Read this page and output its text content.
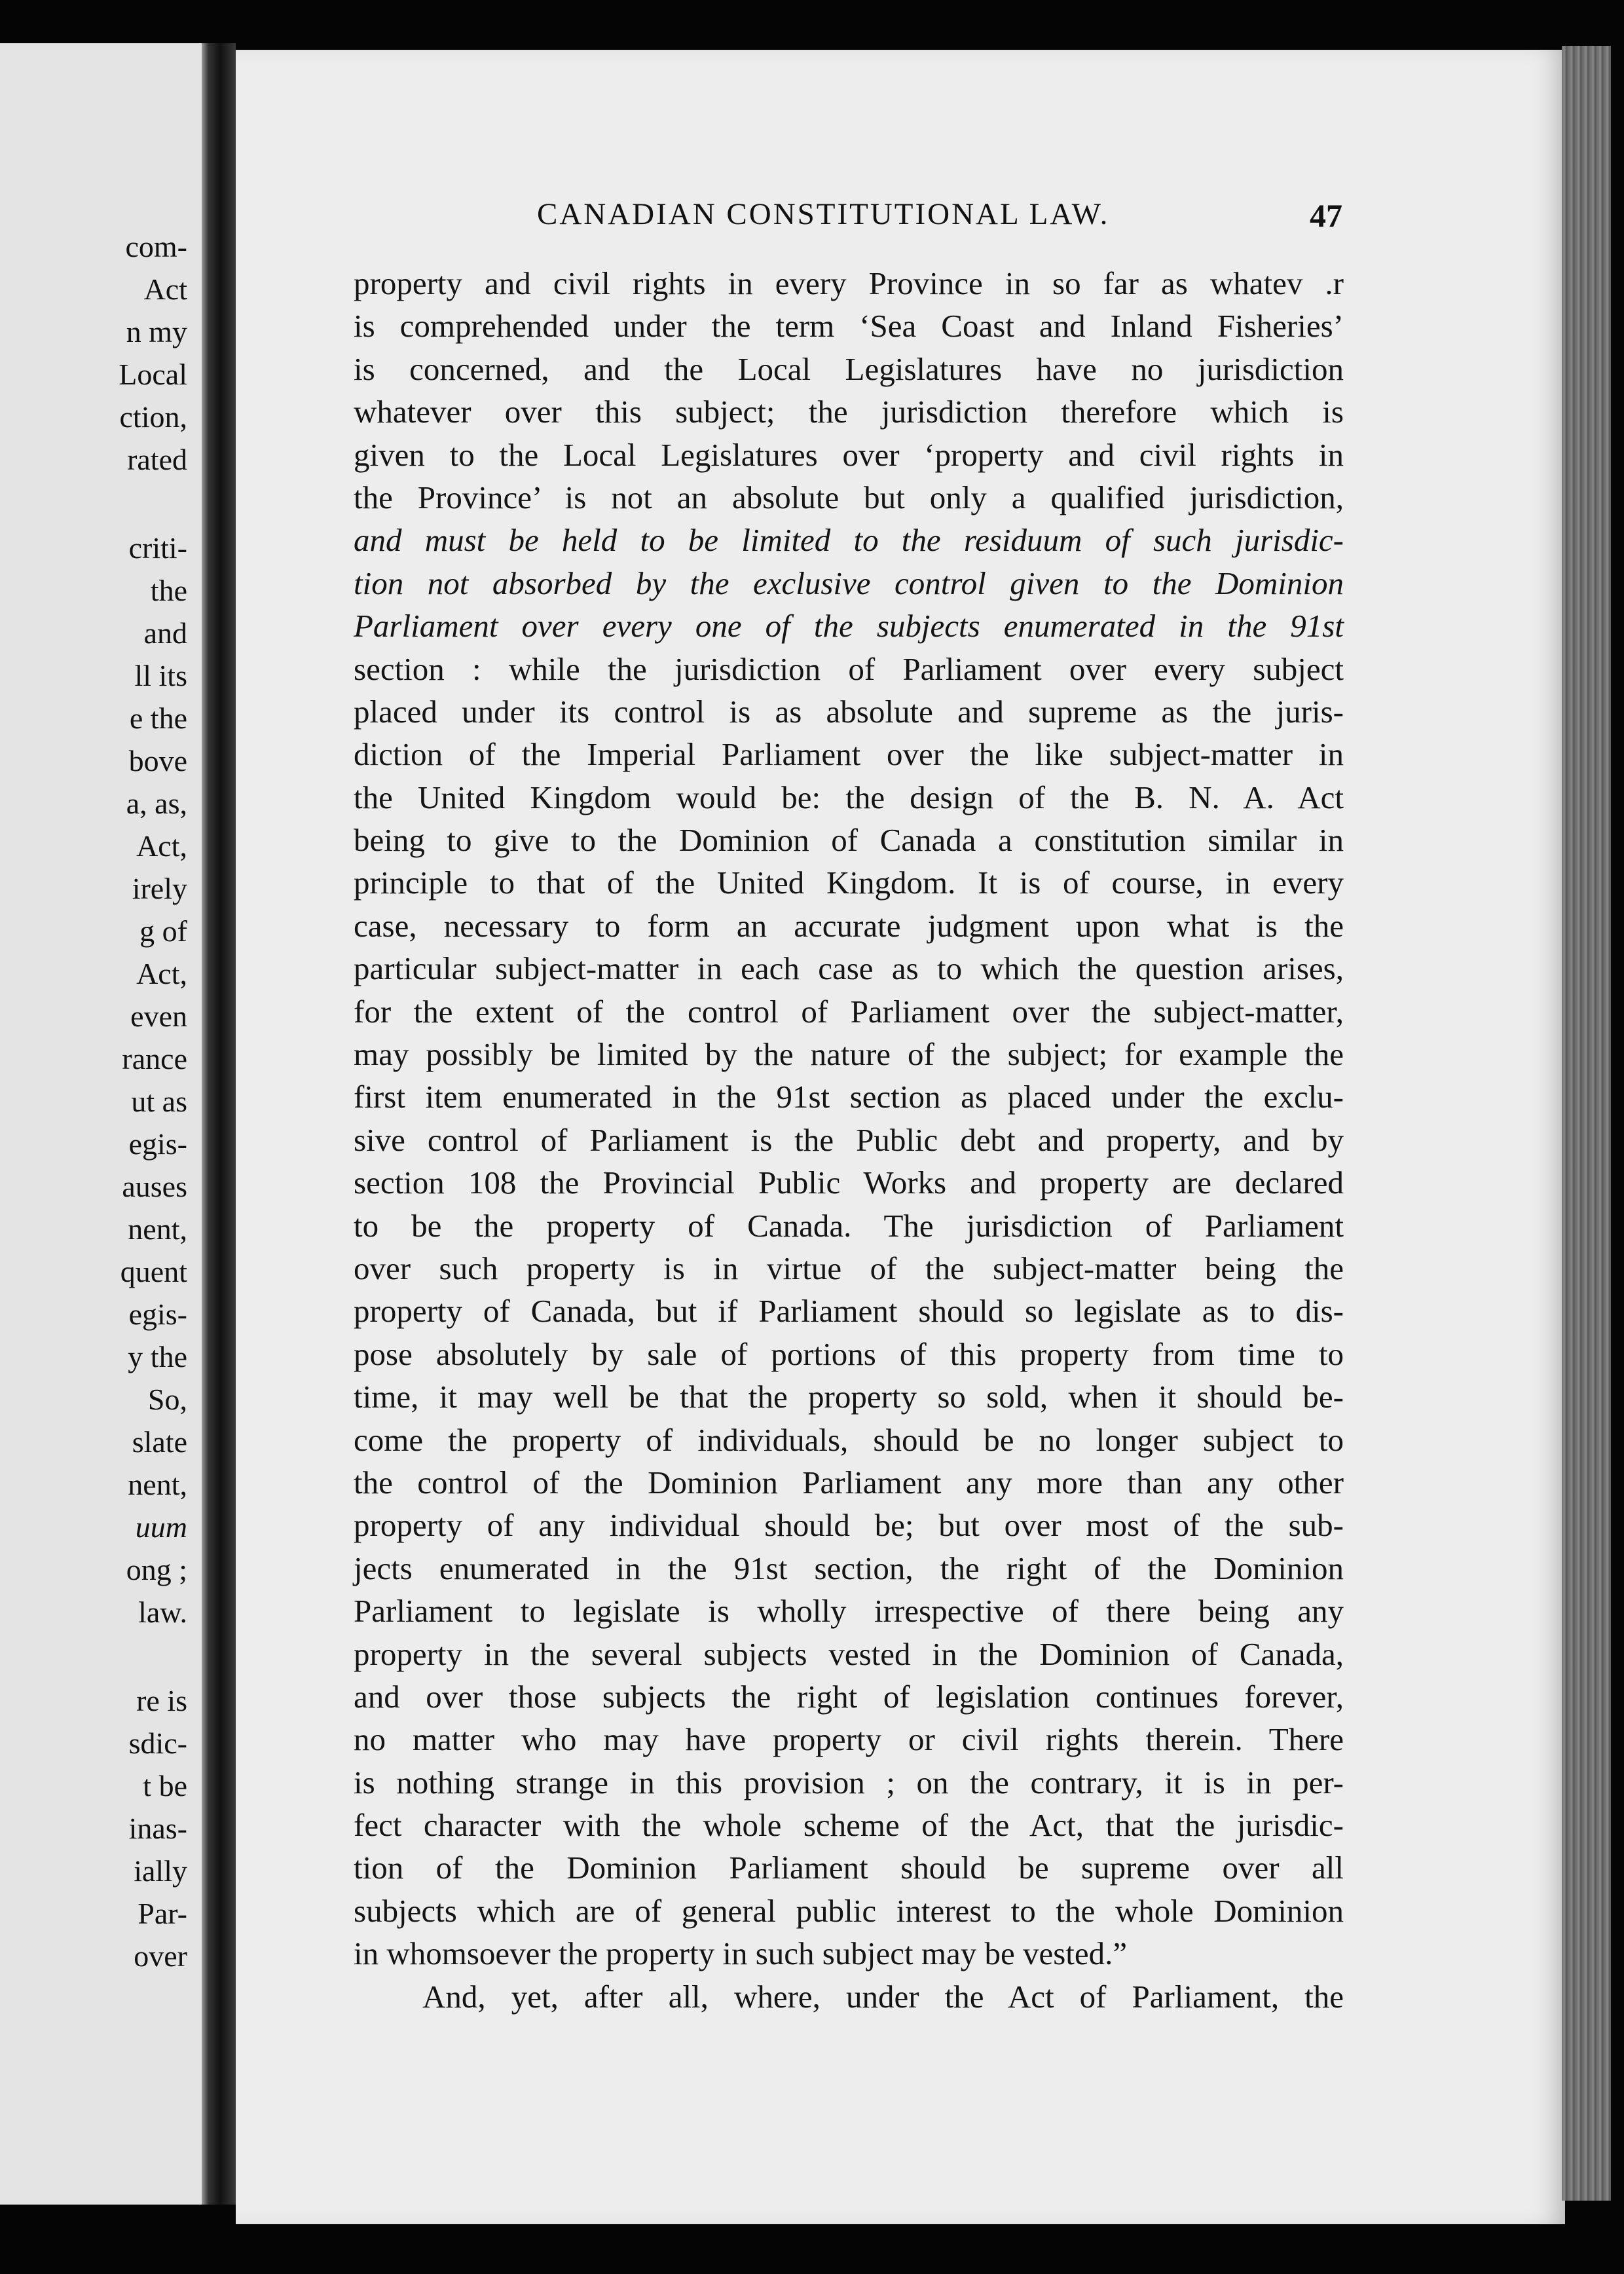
com-
Act
n my
Local
ction,
rated
criti-
the
and
ll its
e the
bove
a, as,
Act,
irely
g of
Act,
even
rance
ut as
egis-
auses
nent,
quent
egis-
y the
So,
slate
nent,
uum
ong ;
law.
re is
sdic-
t be
inas-
ially
Par-
over
CANADIAN CONSTITUTIONAL LAW.	47
property and civil rights in every Province in so far as whatev .r
is comprehended under the term ‘Sea Coast and Inland Fisheries’
is concerned, and the Local Legislatures have no jurisdiction
whatever over this subject; the jurisdiction therefore which is
given to the Local Legislatures over ‘property and civil rights in
the Province’ is not an absolute but only a qualified jurisdiction,
and must be held to be limited to the residuum of such jurisdic-
tion not absorbed by the exclusive control given to the Dominion
Parliament over every one of the subjects enumerated in the 91st
section : while the jurisdiction of Parliament over every subject
placed under its control is as absolute and supreme as the juris-
diction of the Imperial Parliament over the like subject-matter in
the United Kingdom would be: the design of the B. N. A. Act
being to give to the Dominion of Canada a constitution similar in
principle to that of the United Kingdom. It is of course, in every
case, necessary to form an accurate judgment upon what is the
particular subject-matter in each case as to which the question arises,
for the extent of the control of Parliament over the subject-matter,
may possibly be limited by the nature of the subject; for example the
first item enumerated in the 91st section as placed under the exclu-
sive control of Parliament is the Public debt and property, and by
section 108 the Provincial Public Works and property are declared
to be the property of Canada. The jurisdiction of Parliament
over such property is in virtue of the subject-matter being the
property of Canada, but if Parliament should so legislate as to dis-
pose absolutely by sale of portions of this property from time to
time, it may well be that the property so sold, when it should be-
come the property of individuals, should be no longer subject to
the control of the Dominion Parliament any more than any other
property of any individual should be; but over most of the sub-
jects enumerated in the 91st section, the right of the Dominion
Parliament to legislate is wholly irrespective of there being any
property in the several subjects vested in the Dominion of Canada,
and over those subjects the right of legislation continues forever,
no matter who may have property or civil rights therein. There
is nothing strange in this provision ; on the contrary, it is in per-
fect character with the whole scheme of the Act, that the jurisdic-
tion of the Dominion Parliament should be supreme over all
subjects which are of general public interest to the whole Dominion
in whomsoever the property in such subject may be vested.”
And, yet, after all, where, under the Act of Parliament, the
